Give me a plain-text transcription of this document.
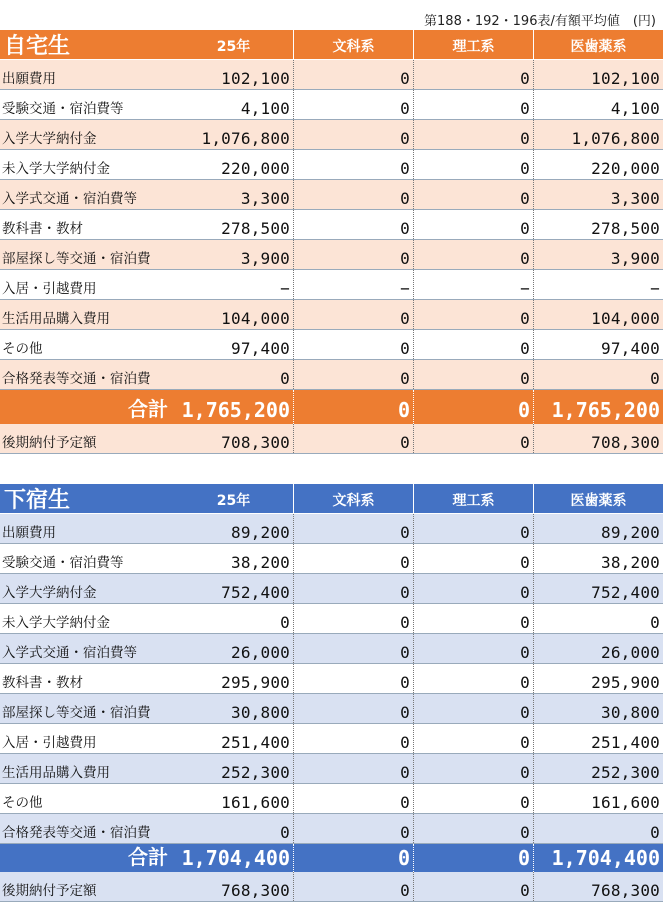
第188・192・196表/有額平均値　(円)
自宅生	25年	文科系	理工系	医歯薬系
出願費用	102,100	0	0	102,100
受験交通・宿泊費等	4,100	0	0	4,100
入学大学納付金	1,076,800	0	0	1,076,800
未入学大学納付金	220,000	0	0	220,000
入学式交通・宿泊費等	3,300	0	0	3,300
教科書・教材	278,500	0	0	278,500
部屋探し等交通・宿泊費	3,900	0	0	3,900
入居・引越費用	−	−	−	−
生活用品購入費用	104,000	0	0	104,000
その他	97,400	0	0	97,400
合格発表等交通・宿泊費	0	0	0	0
合計 1,765,200	0	0	1,765,200
後期納付予定額	708,300	0	0	708,300
下宿生	25年	文科系	理工系	医歯薬系
出願費用	89,200	0	0	89,200
受験交通・宿泊費等	38,200	0	0	38,200
入学大学納付金	752,400	0	0	752,400
未入学大学納付金	0	0	0	0
入学式交通・宿泊費等	26,000	0	0	26,000
教科書・教材	295,900	0	0	295,900
部屋探し等交通・宿泊費	30,800	0	0	30,800
入居・引越費用	251,400	0	0	251,400
生活用品購入費用	252,300	0	0	252,300
その他	161,600	0	0	161,600
合格発表等交通・宿泊費	0	0	0	0
合計 1,704,400	0	0	1,704,400
後期納付予定額	768,300	0	0	768,300
